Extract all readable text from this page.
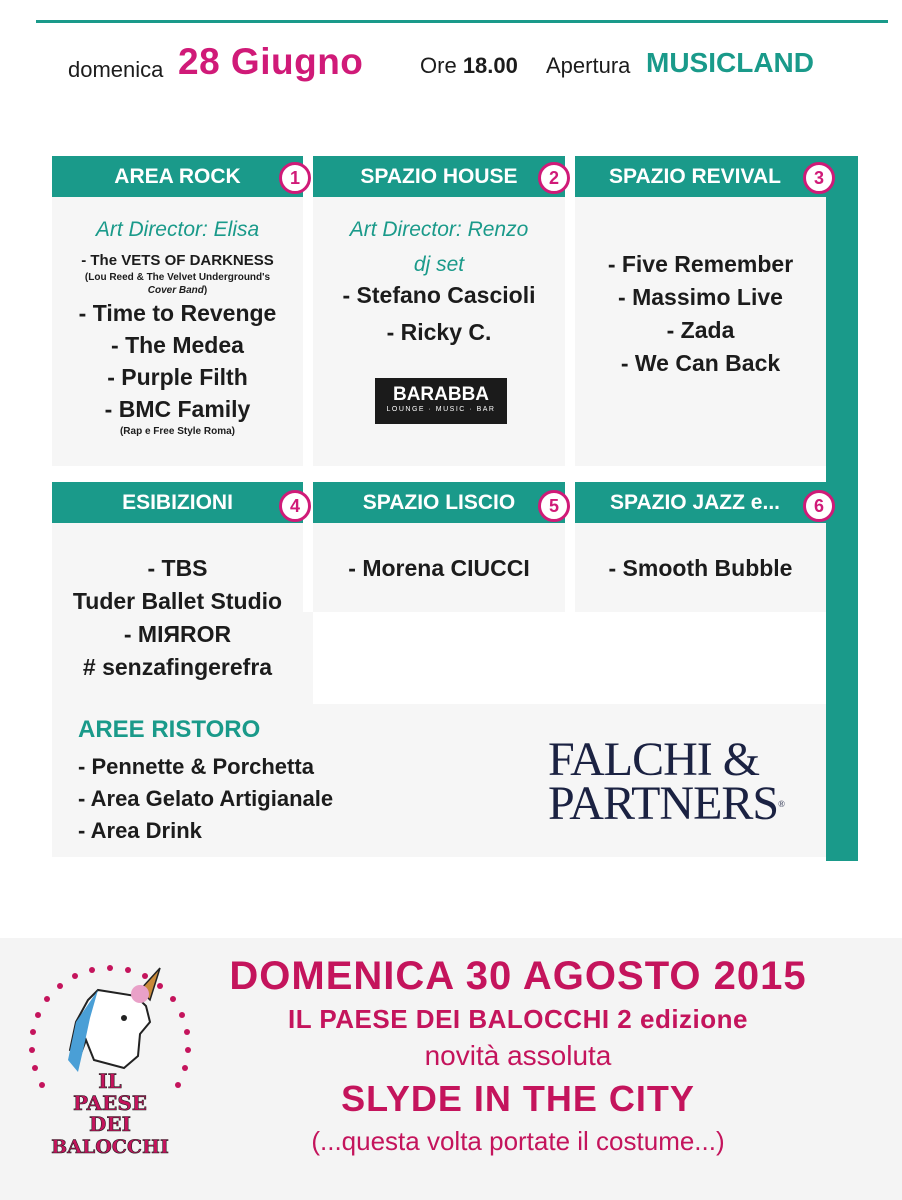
domenica 28 Giugno	Ore 18.00 Apertura MUSICLAND
AREA ROCK	1	SPAZIO HOUSE	2	SPAZIO REVIVAL	3
ESIBIZIONI	4	SPAZIO LISCIO	5	SPAZIO JAZZ e...	6
Art Director: Elisa
- The VETS OF DARKNESS
(Lou Reed & The Velvet Underground's
Cover Band)
- Time to Revenge
- The Medea
- Purple Filth
- BMC Family
(Rap e Free Style Roma)
Art Director: Renzo
dj set
- Stefano Cascioli
- Ricky C.
BARABBA
LOUNGE · MUSIC · BAR
- Five Remember
- Massimo Live
- Zada
- We Can Back
- TBS
Tuder Ballet Studio
- MIЯROR
# senzafingerefra
- Morena CIUCCI	- Smooth Bubble
AREE RISTORO
- Pennette & Porchetta
- Area Gelato Artigianale
- Area Drink
FALCHI &
PARTNERS®
IL
PAESE
DEI
BALOCCHI
DOMENICA 30 AGOSTO 2015
IL PAESE DEI BALOCCHI 2 edizione
novità assoluta
SLYDE IN THE CITY
(...questa volta portate il costume...)
